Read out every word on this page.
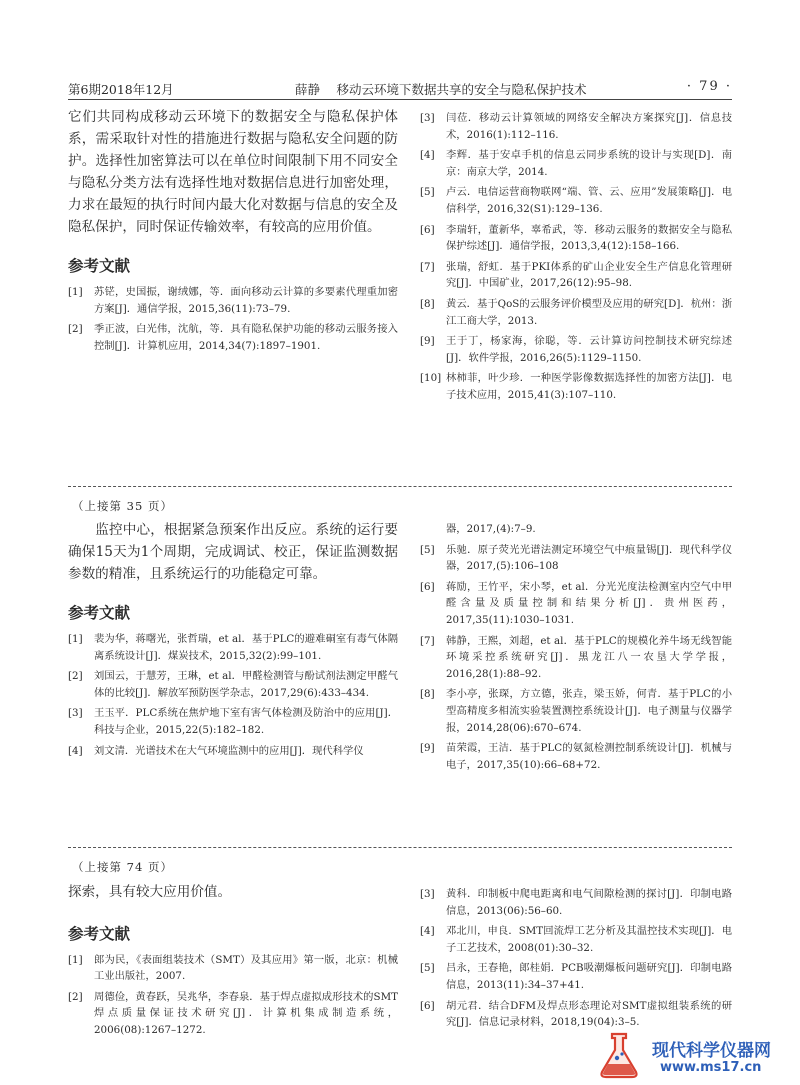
第6期2018年12月	薛静　 移动云环境下数据共享的安全与隐私保护技术	· 79 ·

它们共同构成移动云环境下的数据安全与隐私保护体系，需采取针对性的措施进行数据与隐私安全问题的防护。选择性加密算法可以在单位时间限制下用不同安全与隐私分类方法有选择性地对数据信息进行加密处理，力求在最短的执行时间内最大化对数据与信息的安全及隐私保护，同时保证传输效率，有较高的应用价值。

参考文献

[1]	苏铓，史国振，谢绒娜，等．面向移动云计算的多要素代理重加密方案[J]．通信学报，2015,36(11):73–79.
[2]	季正波，白光伟，沈航，等．具有隐私保护功能的移动云服务接入控制[J]．计算机应用，2014,34(7):1897–1901.
[3]	闫莅．移动云计算领域的网络安全解决方案探究[J]．信息技术，2016(1):112–116.
[4]	李辉．基于安卓手机的信息云同步系统的设计与实现[D]．南京：南京大学，2014.
[5]	卢云．电信运营商物联网“端、管、云、应用”发展策略[J]．电信科学，2016,32(S1):129–136.
[6]	李瑞轩，董新华，辜希武，等．移动云服务的数据安全与隐私保护综述[J]．通信学报，2013,3,4(12):158–166.
[7]	张瑞，舒虹．基于PKI体系的矿山企业安全生产信息化管理研究[J]．中国矿业，2017,26(12):95–98.
[8]	黄云．基于QoS的云服务评价模型及应用的研究[D]．杭州：浙江工商大学，2013.
[9]	王于丁，杨家海，徐聪，等．云计算访问控制技术研究综述[J]．软件学报，2016,26(5):1129–1150.
[10] 林柿菲，叶少珍．一种医学影像数据选择性的加密方法[J]．电子技术应用，2015,41(3):107–110.
（上接第 35 页）

监控中心，根据紧急预案作出反应。系统的运行要确保15天为1个周期，完成调试、校正，保证监测数据参数的精准，且系统运行的功能稳定可靠。

参考文献

[1]	裴为华，蒋曙光，张哲瑞，et al．基于PLC的避难硐室有毒气体隔离系统设计[J]．煤炭技术，2015,32(2):99–101.
[2]	刘国云，于慧芳，王琳，et al．甲醛检测管与酚试剂法测定甲醛气体的比较[J]．解放军预防医学杂志，2017,29(6):433–434.
[3]	王玉平．PLC系统在焦炉地下室有害气体检测及防治中的应用[J]．科技与企业，2015,22(5):182–182.
[4]	刘文清．光谱技术在大气环境监测中的应用[J]．现代科学仪
器，2017,(4):7–9.
[5]	乐驰．原子荧光光谱法测定环境空气中痕量锡[J]．现代科学仪器，2017,(5):106–108
[6]	蒋励，王竹平，宋小琴，et al．分光光度法检测室内空气中甲醛含量及质量控制和结果分析[J]．贵州医药，2017,35(11):1030–1031.
[7]	韩静，王熙，刘超，et al．基于PLC的规模化养牛场无线智能环境采控系统研究[J]．黑龙江八一农垦大学学报，2016,28(1):88–92.
[8]	李小亭，张琛，方立德，张垚，梁玉娇，何青．基于PLC的小型高精度多相流实验装置测控系统设计[J]．电子测量与仪器学报，2014,28(06):670–674.
[9]	苗荣霞，王洁．基于PLC的氨氮检测控制系统设计[J]．机械与电子，2017,35(10):66–68+72.
（上接第 74 页）

探索，具有较大应用价值。

参考文献

[1]	郎为民，《表面组装技术（SMT）及其应用》第一版，北京：机械工业出版社，2007.
[2]	周德俭，黄春跃，吴兆华，李春泉．基于焊点虚拟成形技术的SMT焊点质量保证技术研究[J]．计算机集成制造系统，2006(08):1267–1272.
[3]	黄科．印制板中爬电距离和电气间隙检测的探讨[J]．印制电路信息，2013(06):56–60.
[4]	邓北川，申良．SMT回流焊工艺分析及其温控技术实现[J]．电子工艺技术，2008(01):30–32.
[5]	吕永，王春艳，郎桂娟．PCB吸潮爆板问题研究[J]．印制电路信息，2013(11):34–37+41.
[6]	胡元君．结合DFM及焊点形态理论对SMT虚拟组装系统的研究[J]．信息记录材料，2018,19(04):3–5.
现代科学仪器网
www.ms17.cn
